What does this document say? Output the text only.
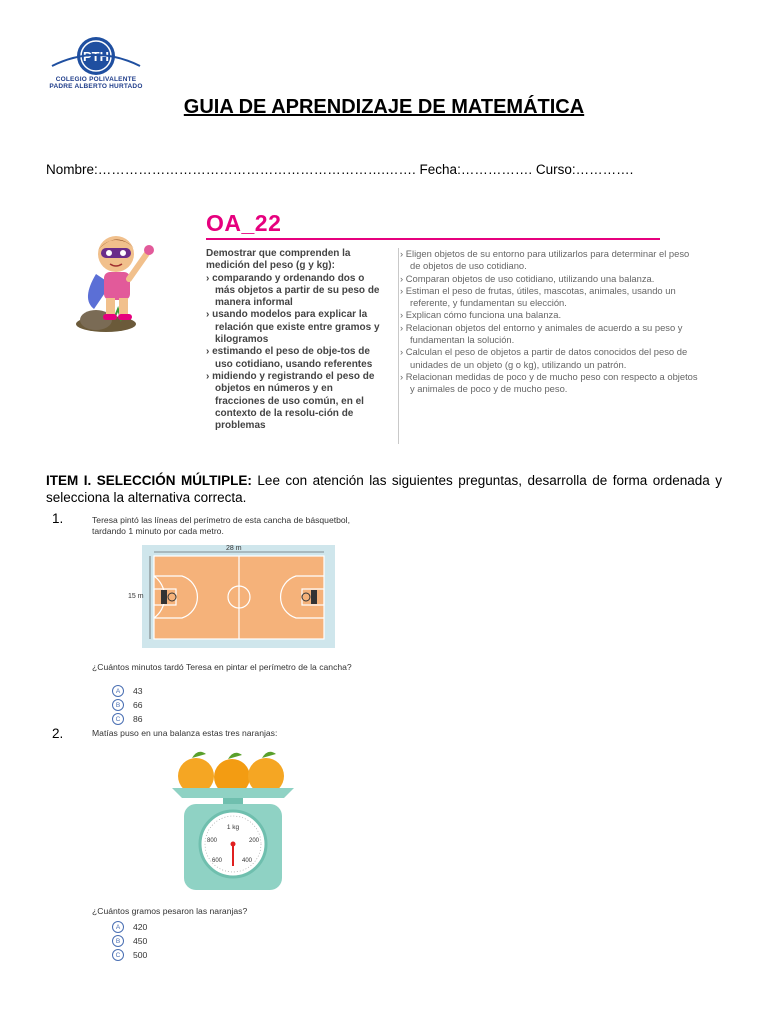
PTH
COLEGIO POLIVALENTE
PADRE ALBERTO HURTADO
GUIA DE APRENDIZAJE DE MATEMÁTICA
Nombre:……………………………………………………….……. Fecha:……………. Curso:………….
OA_22
Demostrar que comprenden la medición del peso (g y kg):
› comparando y ordenando dos o más objetos a partir de su peso de manera informal
› usando modelos para explicar la relación que existe entre gramos y kilogramos
› estimando el peso de obje-tos de uso cotidiano, usando referentes
› midiendo y registrando el peso de objetos en números y en fracciones de uso común, en el contexto de la resolu-ción de problemas
› Eligen objetos de su entorno para utilizarlos para determinar el peso de objetos de uso cotidiano.
› Comparan objetos de uso cotidiano, utilizando una balanza.
› Estiman el peso de frutas, útiles, mascotas, animales, usando un referente, y fundamentan su elección.
› Explican cómo funciona una balanza.
› Relacionan objetos del entorno y animales de acuerdo a su peso y fundamentan la solución.
› Calculan el peso de objetos a partir de datos conocidos del peso de unidades de un objeto (g o kg), utilizando un patrón.
› Relacionan medidas de poco y de mucho peso con respecto a objetos y animales de poco y de mucho peso.
ITEM I. SELECCIÓN MÚLTIPLE: Lee con atención las siguientes preguntas, desarrolla de forma ordenada y selecciona la alternativa correcta.
1.	Teresa pintó las líneas del perímetro de esta cancha de básquetbol, tardando 1 minuto por cada metro.
28 m
15 m
¿Cuántos minutos tardó Teresa en pintar el perímetro de la cancha?
A	43
B	66
C	86
2.	Matías puso en una balanza estas tres naranjas:
1 kg
800	200
600	400
¿Cuántos gramos pesaron las naranjas?
A	420
B	450
C	500
